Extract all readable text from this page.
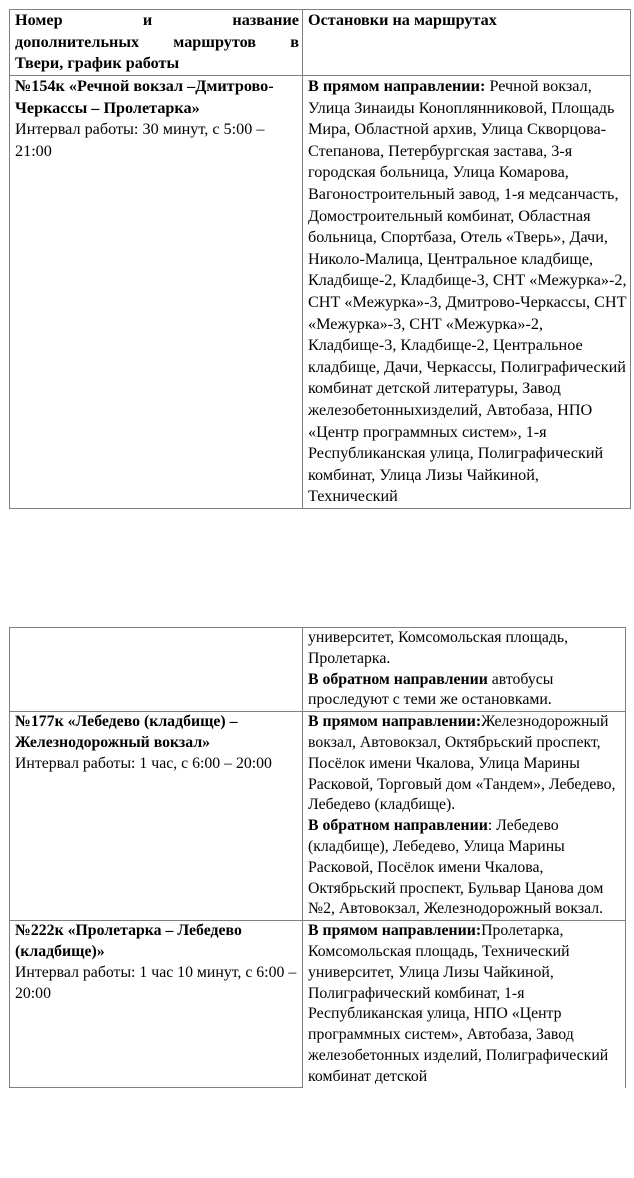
Номер и название
дополнительных маршрутов в
Твери, график работы	Остановки на маршрутах

№154к «Речной вокзал –Дмитрово-Черкассы – Пролетарка»
Интервал работы: 30 минут, с 5:00 – 21:00	В прямом направлении: Речной вокзал, Улица Зинаиды Коноплянниковой, Площадь Мира, Областной архив, Улица Скворцова-Степанова, Петербургская застава, 3-я городская больница, Улица Комарова, Вагоностроительный завод, 1-я медсанчасть, Домостроительный комбинат, Областная больница, Спортбаза, Отель «Тверь», Дачи, Николо-Малица, Центральное кладбище, Кладбище-2, Кладбище-3, СНТ «Межурка»-2, СНТ «Межурка»-3, Дмитрово-Черкассы, СНТ «Межурка»-3, СНТ «Межурка»-2, Кладбище-3, Кладбище-2, Центральное кладбище, Дачи, Черкассы, Полиграфический комбинат детской литературы, Завод железобетонныхизделий, Автобаза, НПО «Центр программных систем», 1-я Республиканская улица, Полиграфический комбинат, Улица Лизы Чайкиной, Технический
	университет, Комсомольская площадь, Пролетарка.
В обратном направлении автобусы проследуют с теми же остановками.

№177к «Лебедево (кладбище) – Железнодорожный вокзал»
Интервал работы: 1 час, с 6:00 – 20:00	В прямом направлении:Железнодорожный вокзал, Автовокзал, Октябрьский проспект, Посёлок имени Чкалова, Улица Марины Расковой, Торговый дом «Тандем», Лебедево, Лебедево (кладбище).
В обратном направлении: Лебедево (кладбище), Лебедево, Улица Марины Расковой, Посёлок имени Чкалова, Октябрьский проспект, Бульвар Цанова дом №2, Автовокзал, Железнодорожный вокзал.

№222к «Пролетарка – Лебедево (кладбище)»
Интервал работы: 1 час 10 минут, с 6:00 – 20:00	В прямом направлении:Пролетарка, Комсомольская площадь, Технический университет, Улица Лизы Чайкиной, Полиграфический комбинат, 1-я Республиканская улица, НПО «Центр программных систем», Автобаза, Завод железобетонных изделий, Полиграфический комбинат детской
